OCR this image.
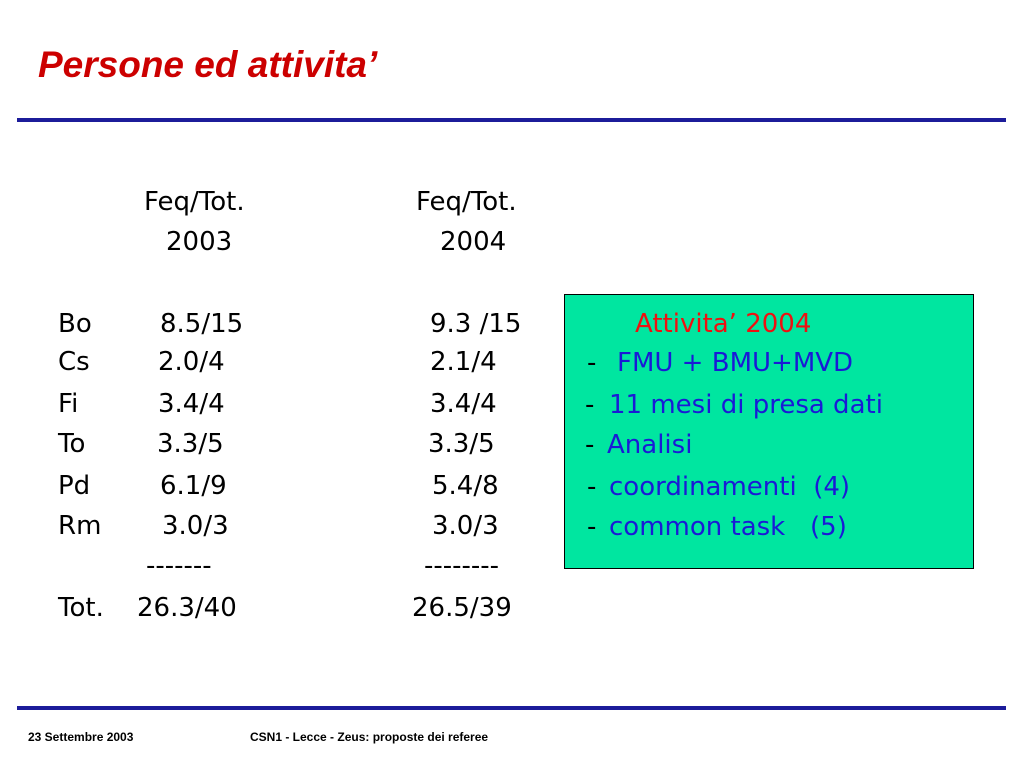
Persone ed attivita’
Feq/Tot.
2003
Feq/Tot.
2004
Bo	8.5/15	9.3 /15
Cs	2.0/4	2.1/4
Fi	3.4/4	3.4/4
To	3.3/5	3.3/5
Pd	6.1/9	5.4/8
Rm 3.0/3	3.0/3
-------	--------
Tot. 26.3/40	26.5/39
Attivita’ 2004
- FMU + BMU+MVD
- 11 mesi di presa dati
- Analisi
- coordinamenti  (4)
- common task   (5)
23 Settembre 2003	CSN1 - Lecce - Zeus: proposte dei referee
